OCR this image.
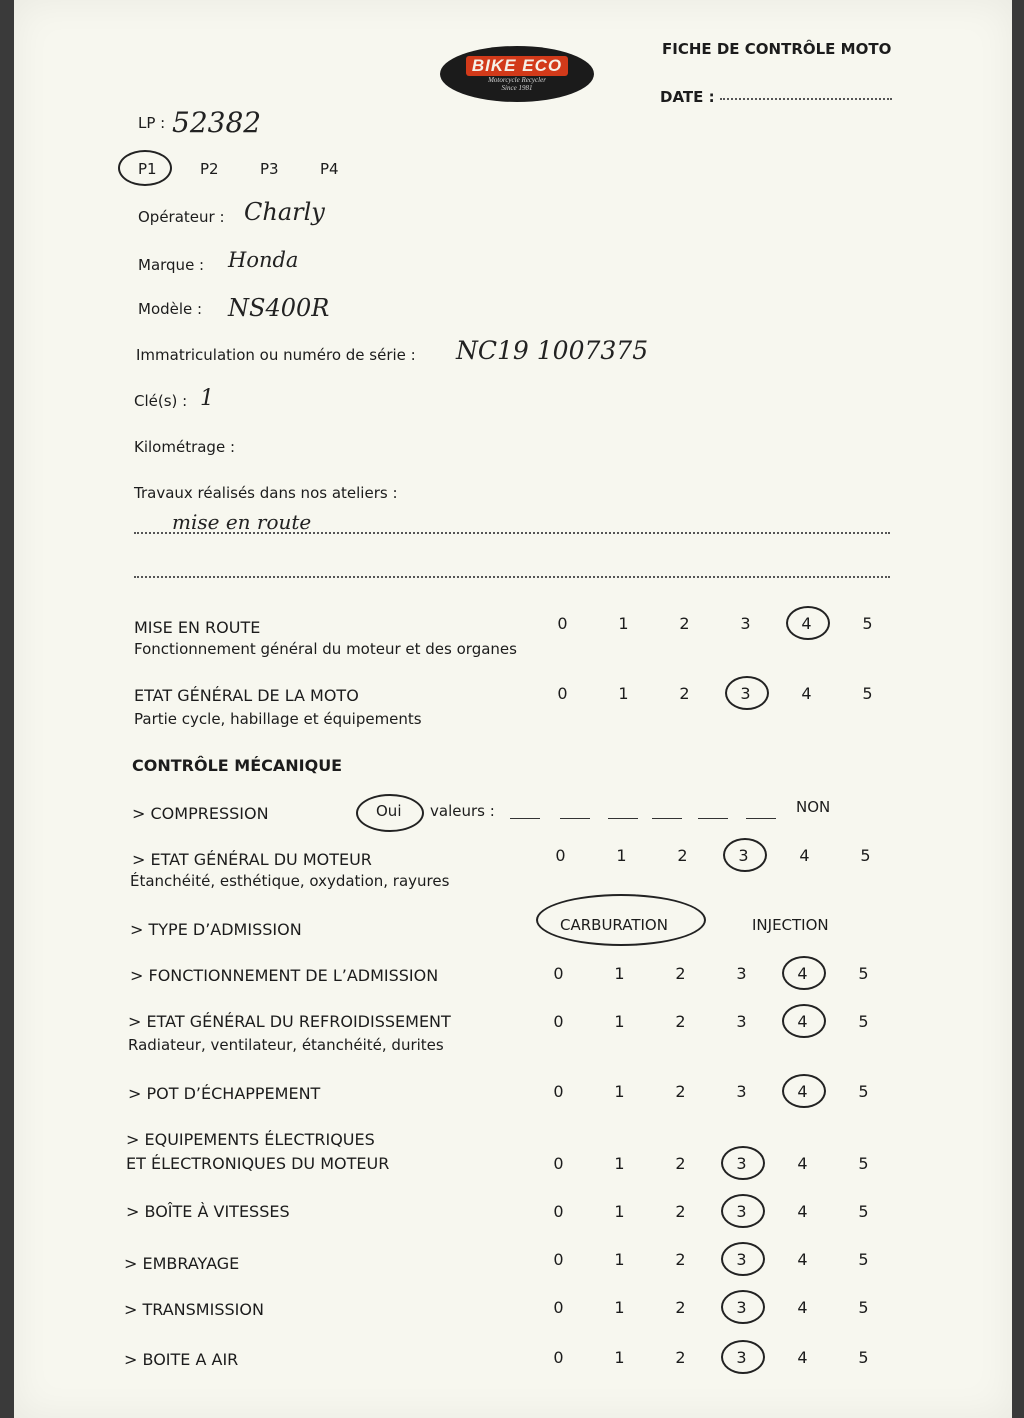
BIKE ECO
Motorcycle Recycler
Since 1981
FICHE DE CONTRÔLE MOTO
DATE :
LP : 52382
P1	P2	P3	P4
Opérateur : Charly
Marque : Honda
Modèle : NS400R
Immatriculation ou numéro de série : NC19 1007375
Clé(s) : 1
Kilométrage :
Travaux réalisés dans nos ateliers :
mise en route
MISE EN ROUTE
Fonctionnement général du moteur et des organes
0	1	2	3	4	5
ETAT GÉNÉRAL DE LA MOTO
Partie cycle, habillage et équipements
0	1	2	3	4	5
CONTRÔLE MÉCANIQUE
> COMPRESSION	Oui valeurs :	NON
> ETAT GÉNÉRAL DU MOTEUR
Étanchéité, esthétique, oxydation, rayures
0	1	2	3	4	5
> TYPE D’ADMISSION	CARBURATION	INJECTION
> FONCTIONNEMENT DE L’ADMISSION	0	1	2	3	4	5
> ETAT GÉNÉRAL DU REFROIDISSEMENT
Radiateur, ventilateur, étanchéité, durites
0	1	2	3	4	5
> POT D’ÉCHAPPEMENT	0	1	2	3	4	5
> EQUIPEMENTS ÉLECTRIQUES
ET ÉLECTRONIQUES DU MOTEUR	0	1	2	3	4	5
> BOÎTE À VITESSES	0	1	2	3	4	5
> EMBRAYAGE	0	1	2	3	4	5
> TRANSMISSION	0	1	2	3	4	5
> BOITE A AIR	0	1	2	3	4	5
